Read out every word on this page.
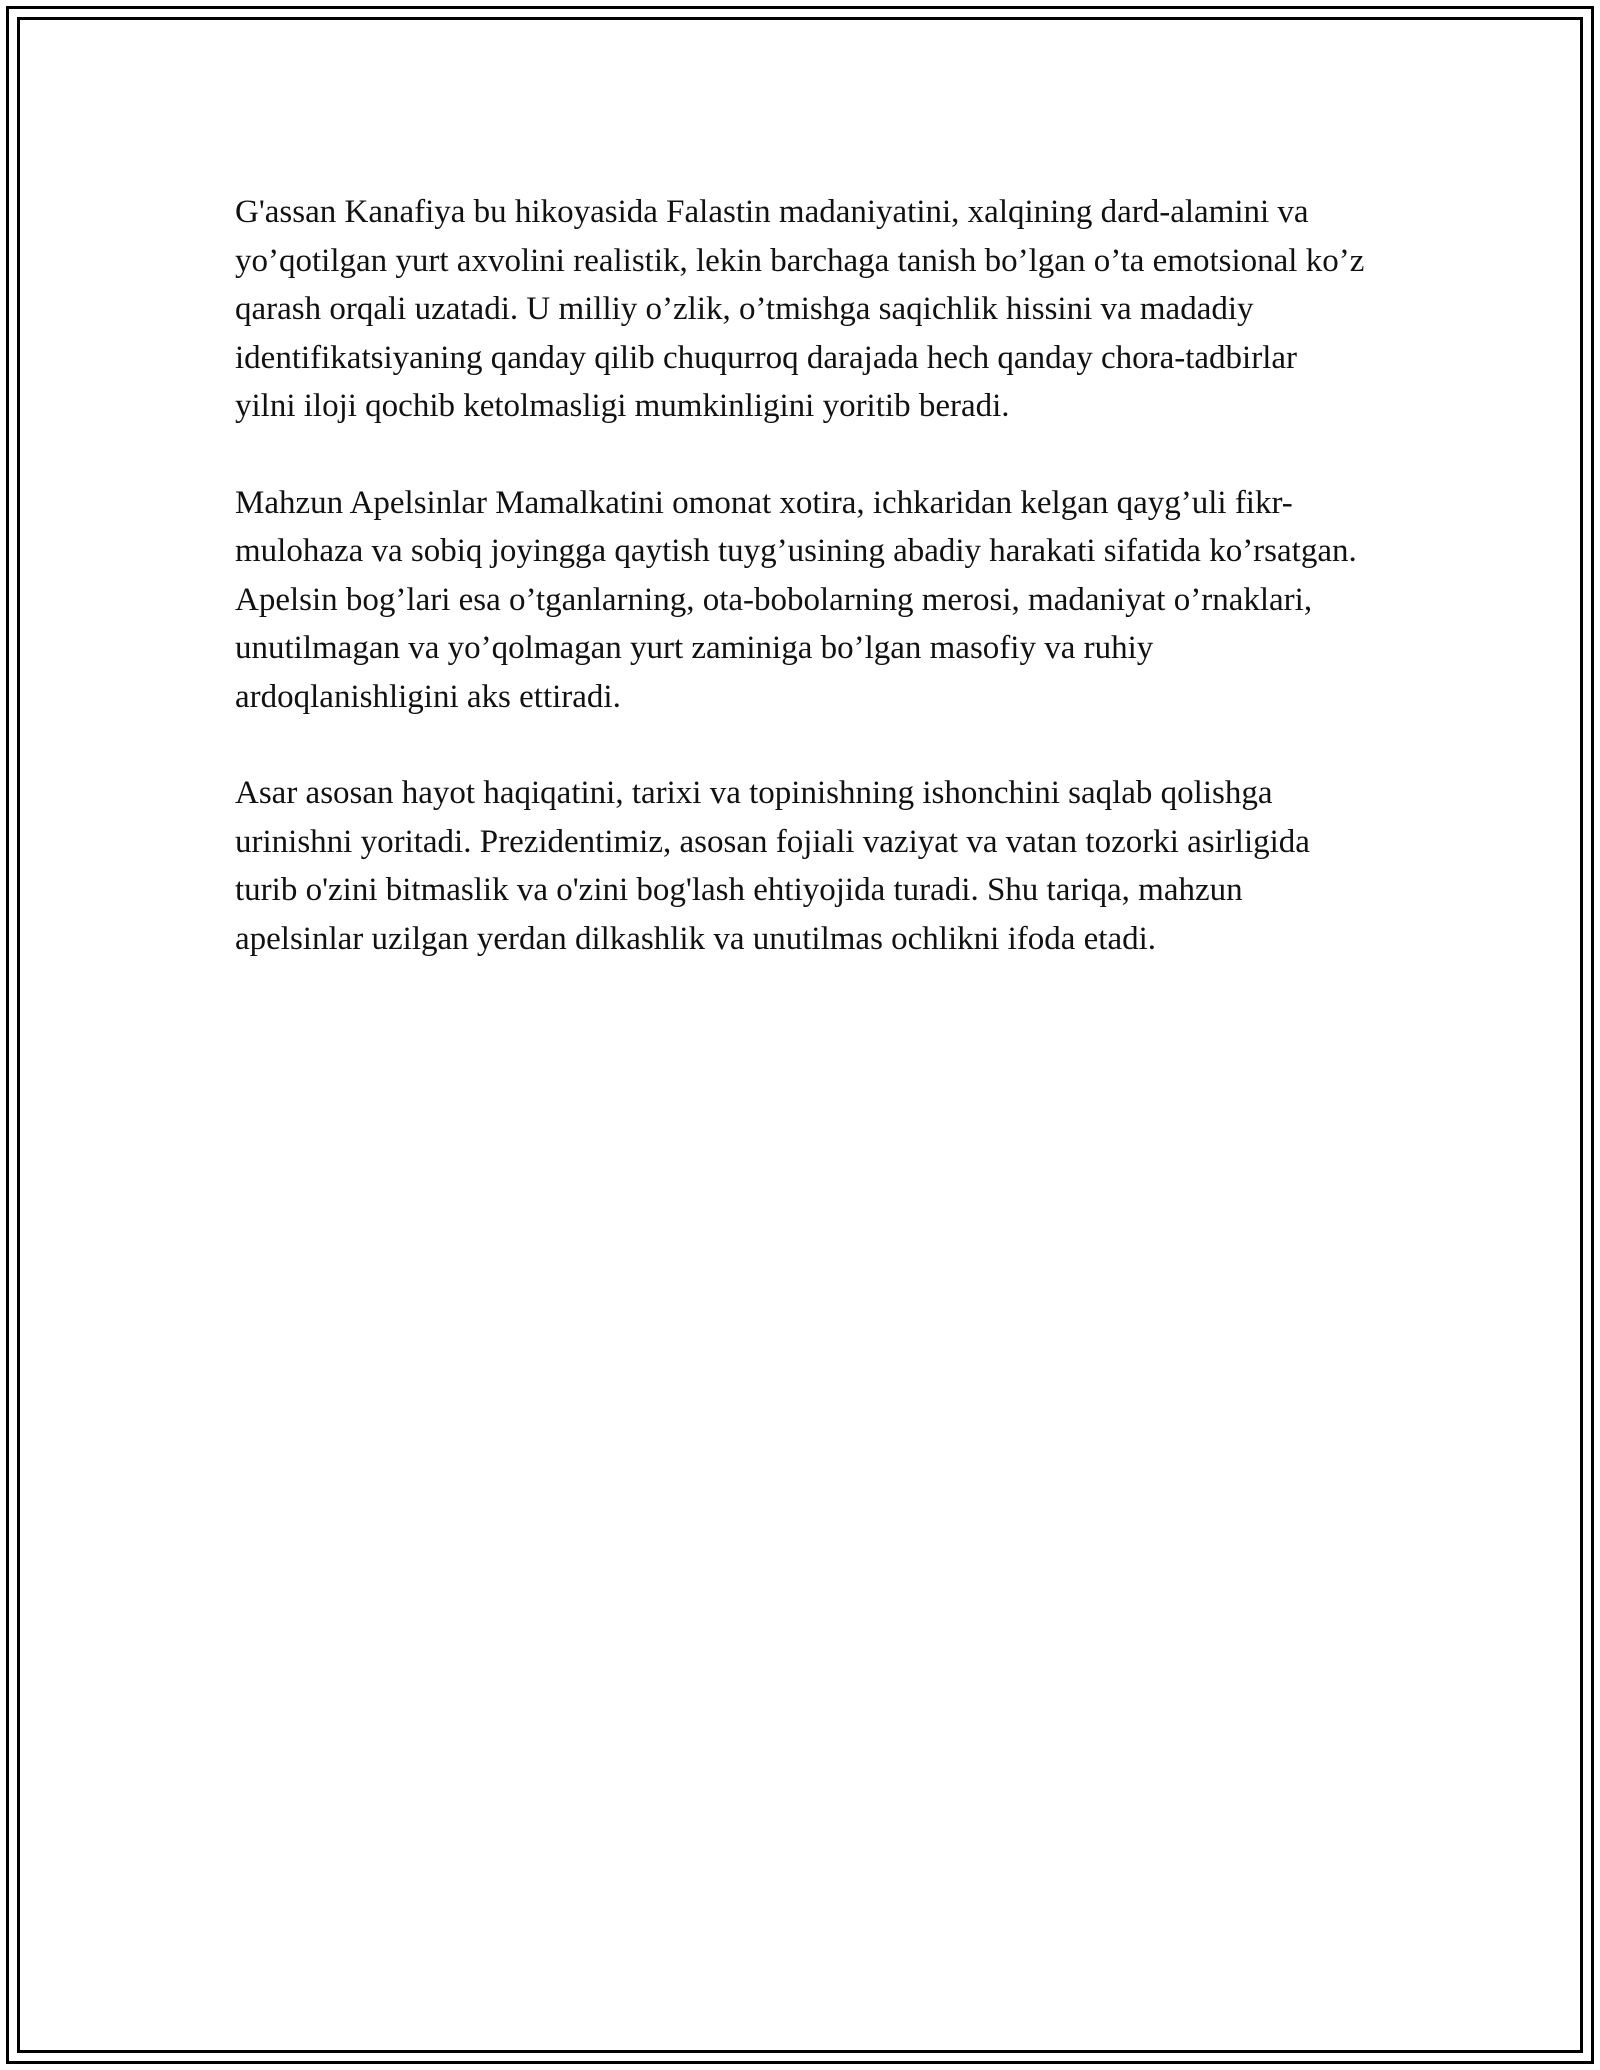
G'assan Kanafiya bu hikoyasida Falastin madaniyatini, xalqining dard-alamini va yo’qotilgan yurt axvolini realistik, lekin barchaga tanish bo’lgan o’ta emotsional ko’z qarash orqali uzatadi. U milliy o’zlik, o’tmishga saqichlik hissini va madadiy identifikatsiyaning qanday qilib chuqurroq darajada hech qanday chora-tadbirlar yilni iloji qochib ketolmasligi mumkinligini yoritib beradi.

Mahzun Apelsinlar Mamalkatini omonat xotira, ichkaridan kelgan qayg’uli fikr-mulohaza va sobiq joyingga qaytish tuyg’usining abadiy harakati sifatida ko’rsatgan. Apelsin bog’lari esa o’tganlarning, ota-bobolarning merosi, madaniyat o’rnaklari, unutilmagan va yo’qolmagan yurt zaminiga bo’lgan masofiy va ruhiy ardoqlanishligini aks ettiradi.

Asar asosan hayot haqiqatini, tarixi va topinishning ishonchini saqlab qolishga urinishni yoritadi. Prezidentimiz, asosan fojiali vaziyat va vatan tozorki asirligida turib o'zini bitmaslik va o'zini bog'lash ehtiyojida turadi. Shu tariqa, mahzun apelsinlar uzilgan yerdan dilkashlik va unutilmas ochlikni ifoda etadi.
